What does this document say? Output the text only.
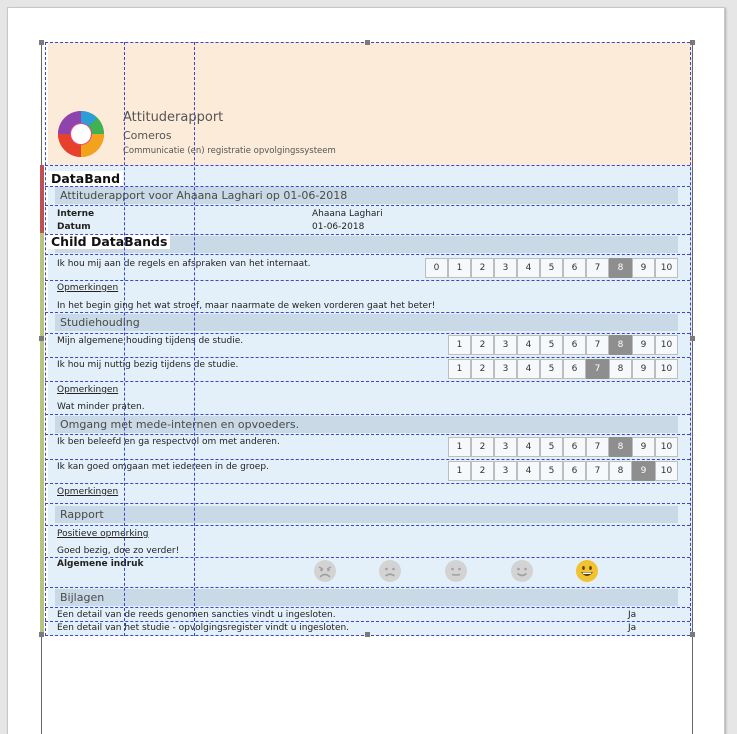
Attituderapport
Comeros
Communicatie (en) registratie opvolgingssysteem
Attituderapport voor Ahaana Laghari op 01-06-2018
Interne	Ahaana Laghari
Datum	01-06-2018
DataBand
Child DataBands
Ik hou mij aan de regels en afspraken van het internaat.	0	1	2	3	4	5	6	7	8	9	10
Opmerkingen
In het begin ging het wat stroef, maar naarmate de weken vorderen gaat het beter!
Studiehouding
Mijn algemene houding tijdens de studie.	1	2	3	4	5	6	7	8	9	10
Ik hou mij nuttig bezig tijdens de studie.	1	2	3	4	5	6	7	8	9	10
Opmerkingen
Wat minder praten.
Omgang met mede-internen en opvoeders.
Ik ben beleefd en ga respectvol om met anderen.	1	2	3	4	5	6	7	8	9	10
Ik kan goed omgaan met iedereen in de groep.	1	2	3	4	5	6	7	8	9	10
Opmerkingen
Rapport
Positieve opmerking
Goed bezig, doe zo verder!
Algemene indruk
Bijlagen
Een detail van de reeds genomen sancties vindt u ingesloten.	Ja
Een detail van het studie - opvolgingsregister vindt u ingesloten.	Ja
